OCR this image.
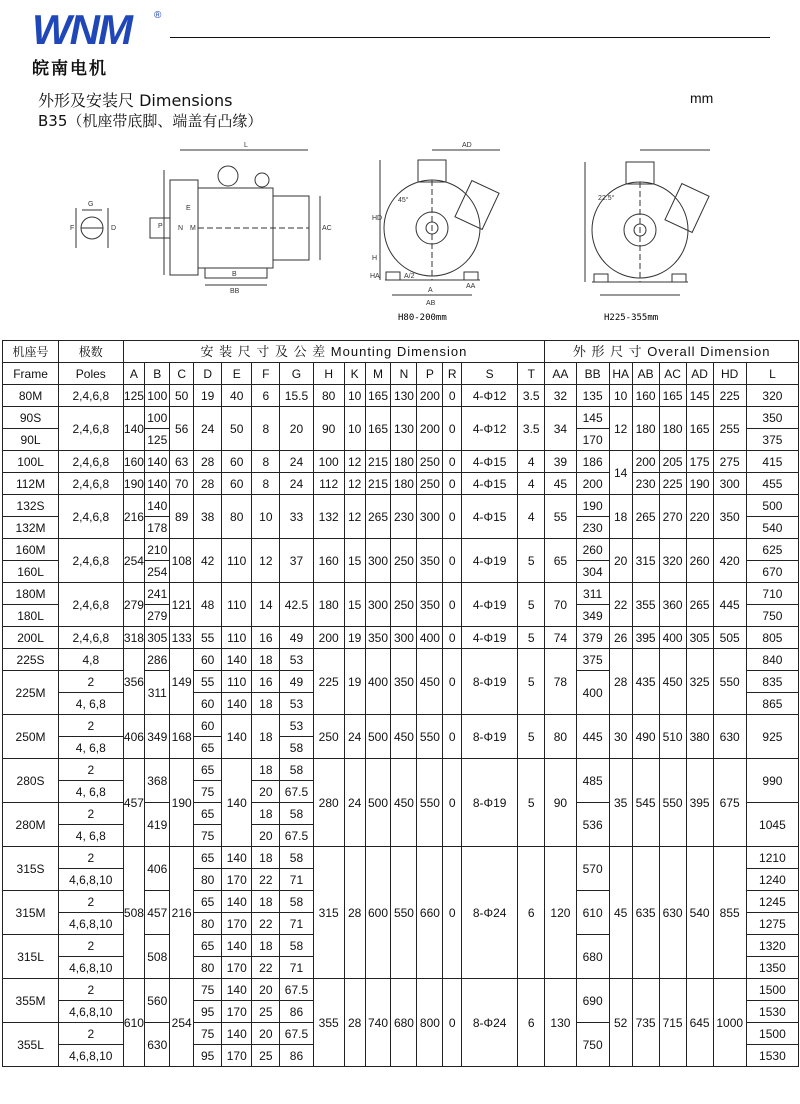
WNM	®
皖南电机
外形及安装尺 Dimensions	mm
B35（机座带底脚、端盖有凸缘）
L
AC
P N M
AD
HD
H
A
AB
AA
A/2
BB
B
E
HA
F
G
D
45°	22.5°
H80-200mm	H225-355mm
机座号	极数	安 装 尺 寸 及 公 差 Mounting Dimension															外 形 尺 寸 Overall Dimension							
Frame	Poles	A	B	C	D	E	F	G	H	K	M	N	P	R	S	T	AA	BB	HA	AB	AC	AD	HD	L
80M	2,4,6,8	125	100	50	19	40	6	15.5	80	10	165	130	200	0	4-Φ12	3.5	32	135	10	160	165	145	225	320
90S	2,4,6,8	140	100	56	24	50	8	20	90	10	165	130	200	0	4-Φ12	3.5	34	145	12	180	180	165	255	350
90L			125															170						375
100L	2,4,6,8	160	140	63	28	60	8	24	100	12	215	180	250	0	4-Φ15	4	39	186	14	200	205	175	275	415
112M	2,4,6,8	190	140	70	28	60	8	24	112	12	215	180	250	0	4-Φ15	4	45	200		230	225	190	300	455
132S	2,4,6,8	216	140	89	38	80	10	33	132	12	265	230	300	0	4-Φ15	4	55	190	18	265	270	220	350	500
132M			178															230						540
160M	2,4,6,8	254	210	108	42	110	12	37	160	15	300	250	350	0	4-Φ19	5	65	260	20	315	320	260	420	625
160L			254															304						670
180M	2,4,6,8	279	241	121	48	110	14	42.5	180	15	300	250	350	0	4-Φ19	5	70	311	22	355	360	265	445	710
180L			279															349						750
200L	2,4,6,8	318	305	133	55	110	16	49	200	19	350	300	400	0	4-Φ19	5	74	379	26	395	400	305	505	805
225S	4,8	356	286	149	60	140	18	53	225	19	400	350	450	0	8-Φ19	5	78	375	28	435	450	325	550	840
225M	2		311		55	110	16	49										400						835
	4, 6,8				60	140	18	53																865
250M	2	406	349	168	60	140	18	53	250	24	500	450	550	0	8-Φ19	5	80	445	30	490	510	380	630	925
	4, 6,8				65			58																
280S	2	457	368	190	65	140	18	58	280	24	500	450	550	0	8-Φ19	5	90	485	35	545	550	395	675	990
	4, 6,8				75		20	67.5																
280M	2		419		65		18	58										536						1045
	4, 6,8				75		20	67.5																
315S	2	508	406	216	65	140	18	58	315	28	600	550	660	0	8-Φ24	6	120	570	45	635	630	540	855	1210
	4,6,8,10				80	170	22	71																1240
315M	2		457		65	140	18	58										610						1245
	4,6,8,10				80	170	22	71																1275
315L	2		508		65	140	18	58										680						1320
	4,6,8,10				80	170	22	71																1350
355M	2	610	560	254	75	140	20	67.5	355	28	740	680	800	0	8-Φ24	6	130	690	52	735	715	645	1000	1500
	4,6,8,10				95	170	25	86																1530
355L	2		630		75	140	20	67.5										750						1500
	4,6,8,10				95	170	25	86																1530
